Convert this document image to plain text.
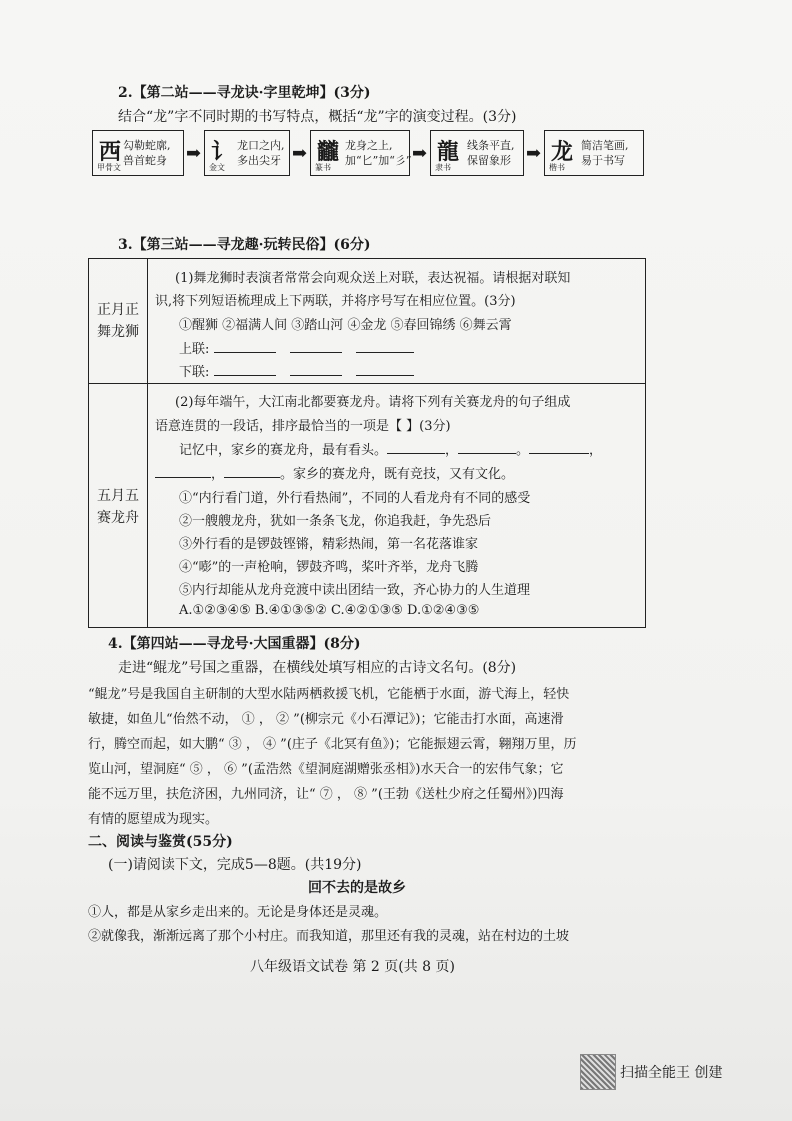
2.【第二站——寻龙诀·字里乾坤】(3分)
结合“龙”字不同时期的书写特点，概括“龙”字的演变过程。(3分)
⻄
甲骨文
勾勒蛇廓,
兽首蛇身 ➡ ⻈
金文
龙口之内,
多出尖牙 ➡ 龖
篆书
龙身之上,
加“匕”加“彡” ➡ 龍
隶书
线条平直,
保留象形 ➡ 龙
楷书
简洁笔画,
易于书写
3.【第三站——寻龙趣·玩转民俗】(6分)
正月正
舞龙狮
(1)舞龙狮时表演者常常会向观众送上对联，表达祝福。请根据对联知
识,将下列短语梳理成上下两联，并将序号写在相应位置。(3分)
①醒狮 ②福满人间 ③踏山河 ④金龙 ⑤春回锦绣 ⑥舞云霄
上联:
下联:
五月五
赛龙舟
(2)每年端午，大江南北都要赛龙舟。请将下列有关赛龙舟的句子组成
语意连贯的一段话，排序最恰当的一项是【 】(3分)
记忆中，家乡的赛龙舟，最有看头。	，	。	，
，	。家乡的赛龙舟，既有竞技，又有文化。
①“内行看门道，外行看热闹”，不同的人看龙舟有不同的感受
②一艘艘龙舟，犹如一条条飞龙，你追我赶，争先恐后
③外行看的是锣鼓铿锵，精彩热闹，第一名花落谁家
④“嘭”的一声枪响，锣鼓齐鸣，桨叶齐举，龙舟飞腾
⑤内行却能从龙舟竞渡中读出团结一致，齐心协力的人生道理
A.①②③④⑤ B.④①③⑤② C.④②①③⑤ D.①②④③⑤
4.【第四站——寻龙号·大国重器】(8分)
走进“鲲龙”号国之重器，在横线处填写相应的古诗文名句。(8分)
“鲲龙”号是我国自主研制的大型水陆两栖救援飞机，它能栖于水面，游弋海上，轻快
敏捷，如鱼儿“佁然不动， ① ， ② ”(柳宗元《小石潭记》)；它能击打水面，高速滑
行，腾空而起，如大鹏“ ③ ， ④ ”(庄子《北冥有鱼》)；它能振翅云霄，翱翔万里，历
览山河，望洞庭“ ⑤ ， ⑥ ”(孟浩然《望洞庭湖赠张丞相》)水天合一的宏伟气象；它
能不远万里，扶危济困，九州同济，让“ ⑦ ， ⑧ ”(王勃《送杜少府之任蜀州》)四海
有情的愿望成为现实。
二、阅读与鉴赏(55分)
(一)请阅读下文，完成5—8题。(共19分)
回不去的是故乡
①人，都是从家乡走出来的。无论是身体还是灵魂。
②就像我，渐渐远离了那个小村庄。而我知道，那里还有我的灵魂，站在村边的土坡
八年级语文试卷 第 2 页(共 8 页)
扫描全能王 创建
